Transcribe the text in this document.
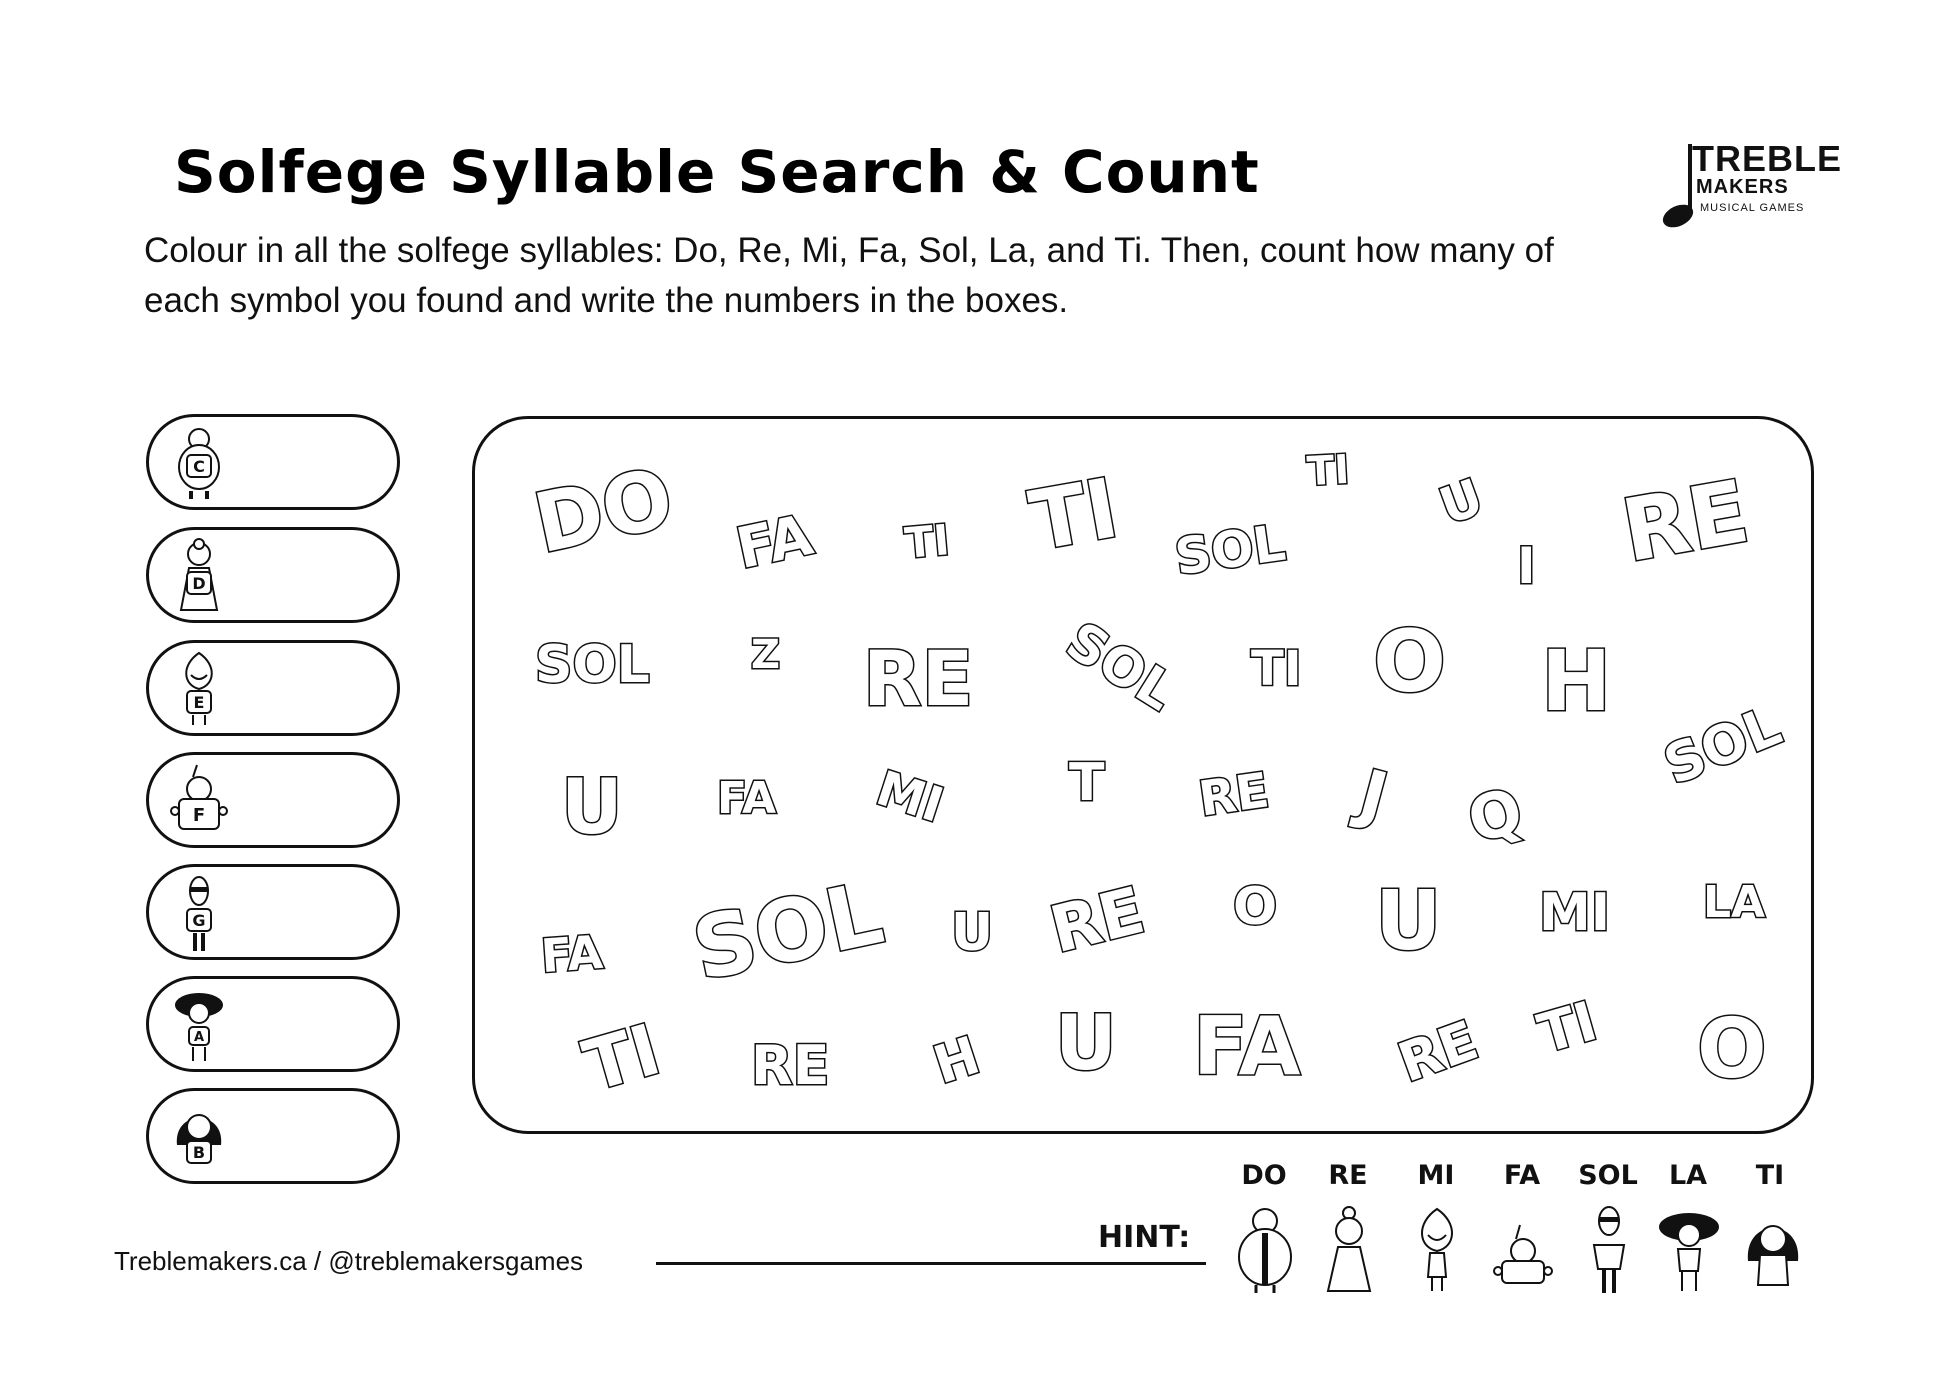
Solfege Syllable Search & Count
Colour in all the solfege syllables: Do, Re, Mi, Fa, Sol, La, and Ti. Then, count how many of each symbol you found and write the numbers in the boxes.
TREBLE
MAKERS
MUSICAL GAMES
C
D
E
F
G
A
B
DO FA TI TI SOL
TI U
I RE
SOL	Z RE SOL TI O H
U FA MI T RE J Q
SOL
FA SOL U RE O U MI LA
TI RE H U FA RE TI O
Treblemakers.ca / @treblemakersgames
HINT:
DO	RE	MI	FA	SOL	LA	TI
